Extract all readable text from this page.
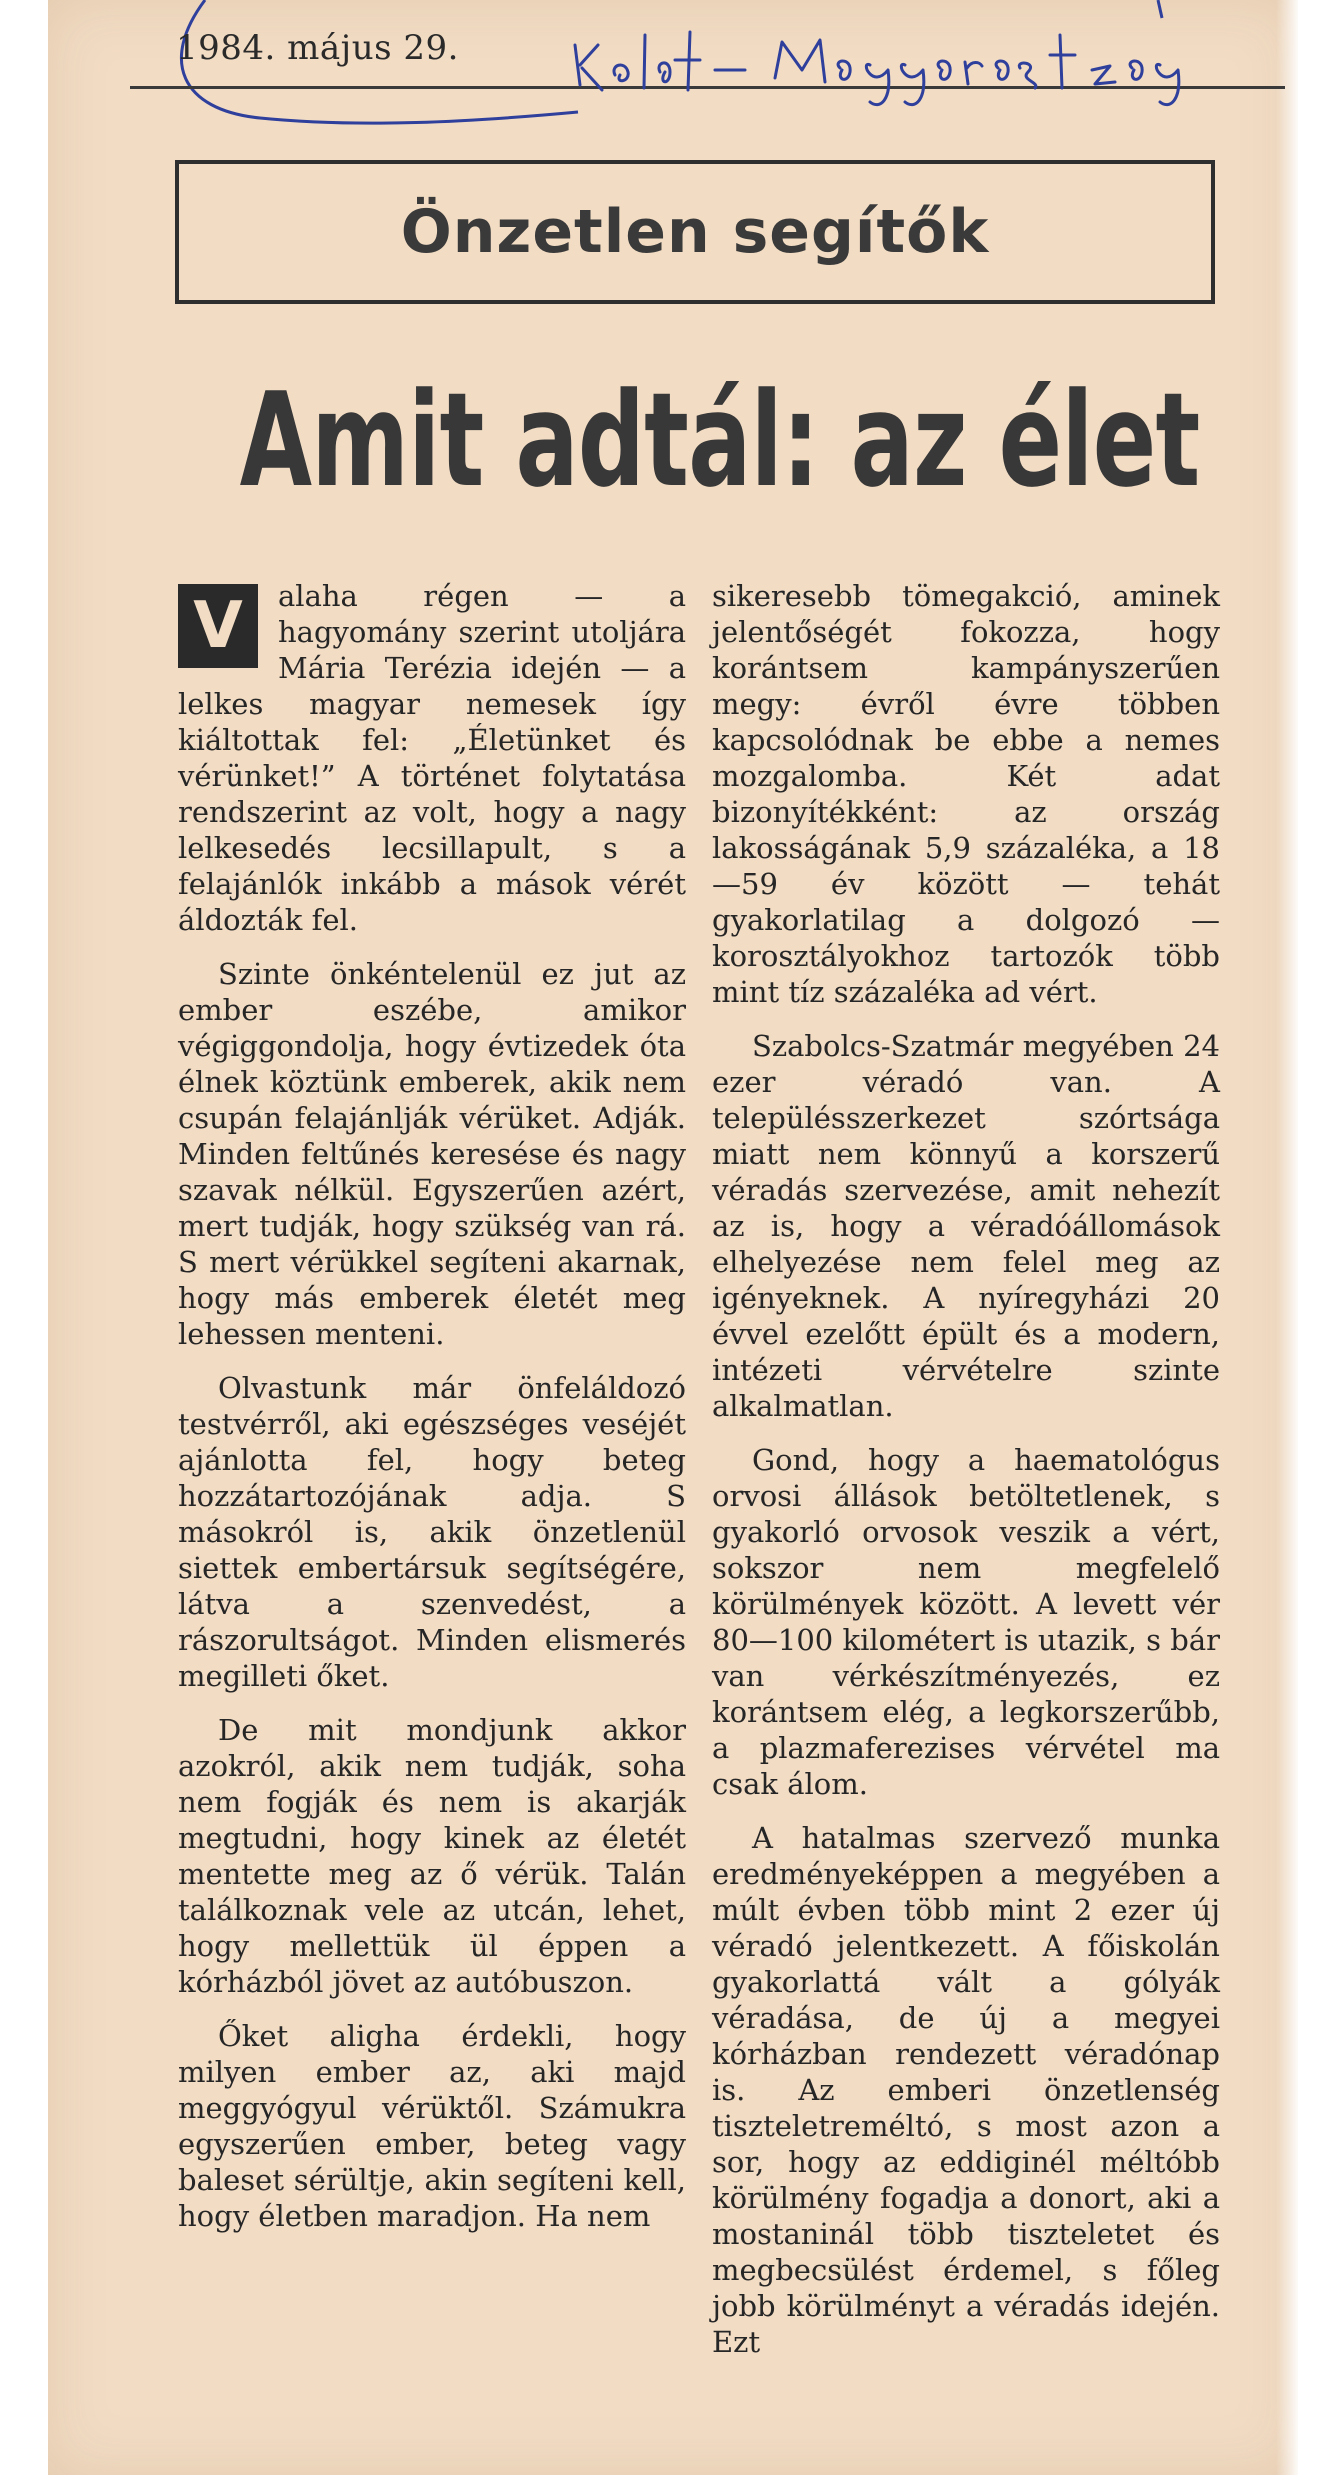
1984. május 29.
Önzetlen segítők
Amit adtál: az élet

V	alaha régen — a hagyomány szerint utoljára Mária Terézia idején — a lelkes magyar nemesek így kiáltottak fel: „Életünket és vérünket!” A történet folytatása rendszerint az volt, hogy a nagy lelkesedés lecsillapult, s a felajánlók inkább a mások vérét áldozták fel.

Szinte önkéntelenül ez jut az ember eszébe, amikor végiggondolja, hogy évtizedek óta élnek köztünk emberek, akik nem csupán felajánlják vérüket. Adják. Minden feltűnés keresése és nagy szavak nélkül. Egyszerűen azért, mert tudják, hogy szükség van rá. S mert vérükkel segíteni akarnak, hogy más emberek életét meg lehessen menteni.

Olvastunk már önfeláldozó testvérről, aki egészséges veséjét ajánlotta fel, hogy beteg hozzátartozójának adja. S másokról is, akik önzetlenül siettek embertársuk segítségére, látva a szenvedést, a rászorultságot. Minden elismerés megilleti őket.

De mit mondjunk akkor azokról, akik nem tudják, soha nem fogják és nem is akarják megtudni, hogy kinek az életét mentette meg az ő vérük. Talán találkoznak vele az utcán, lehet, hogy mellettük ül éppen a kórházból jövet az autóbuszon.

Őket aligha érdekli, hogy milyen ember az, aki majd meggyógyul vérüktől. Számukra egyszerűen ember, beteg vagy baleset sérültje, akin segíteni kell, hogy életben maradjon. Ha nem

sikeresebb tömegakció, aminek jelentőségét fokozza, hogy korántsem kampányszerűen megy: évről évre többen kapcsolódnak be ebbe a nemes mozgalomba. Két adat bizonyítékként: az ország lakosságának 5,9 százaléka, a 18—59 év között — tehát gyakorlatilag a dolgozó — korosztályokhoz tartozók több mint tíz százaléka ad vért.

Szabolcs-Szatmár megyében 24 ezer véradó van. A településszerkezet szórtsága miatt nem könnyű a korszerű véradás szervezése, amit nehezít az is, hogy a véradóállomások elhelyezése nem felel meg az igényeknek. A nyíregyházi 20 évvel ezelőtt épült és a modern, intézeti vérvételre szinte alkalmatlan.

Gond, hogy a haematológus orvosi állások betöltetlenek, s gyakorló orvosok veszik a vért, sokszor nem megfelelő körülmények között. A levett vér 80—100 kilométert is utazik, s bár van vérkészítményezés, ez korántsem elég, a legkorszerűbb, a plazmaferezises vérvétel ma csak álom.

A hatalmas szervező munka eredményeképpen a megyében a múlt évben több mint 2 ezer új véradó jelentkezett. A főiskolán gyakorlattá vált a gólyák véradása, de új a megyei kórházban rendezett véradónap is. Az emberi önzetlenség tiszteletreméltó, s most azon a sor, hogy az eddiginél méltóbb körülmény fogadja a donort, aki a mostaninál több tiszteletet és megbecsülést érdemel, s főleg jobb körülményt a véradás idején. Ezt
